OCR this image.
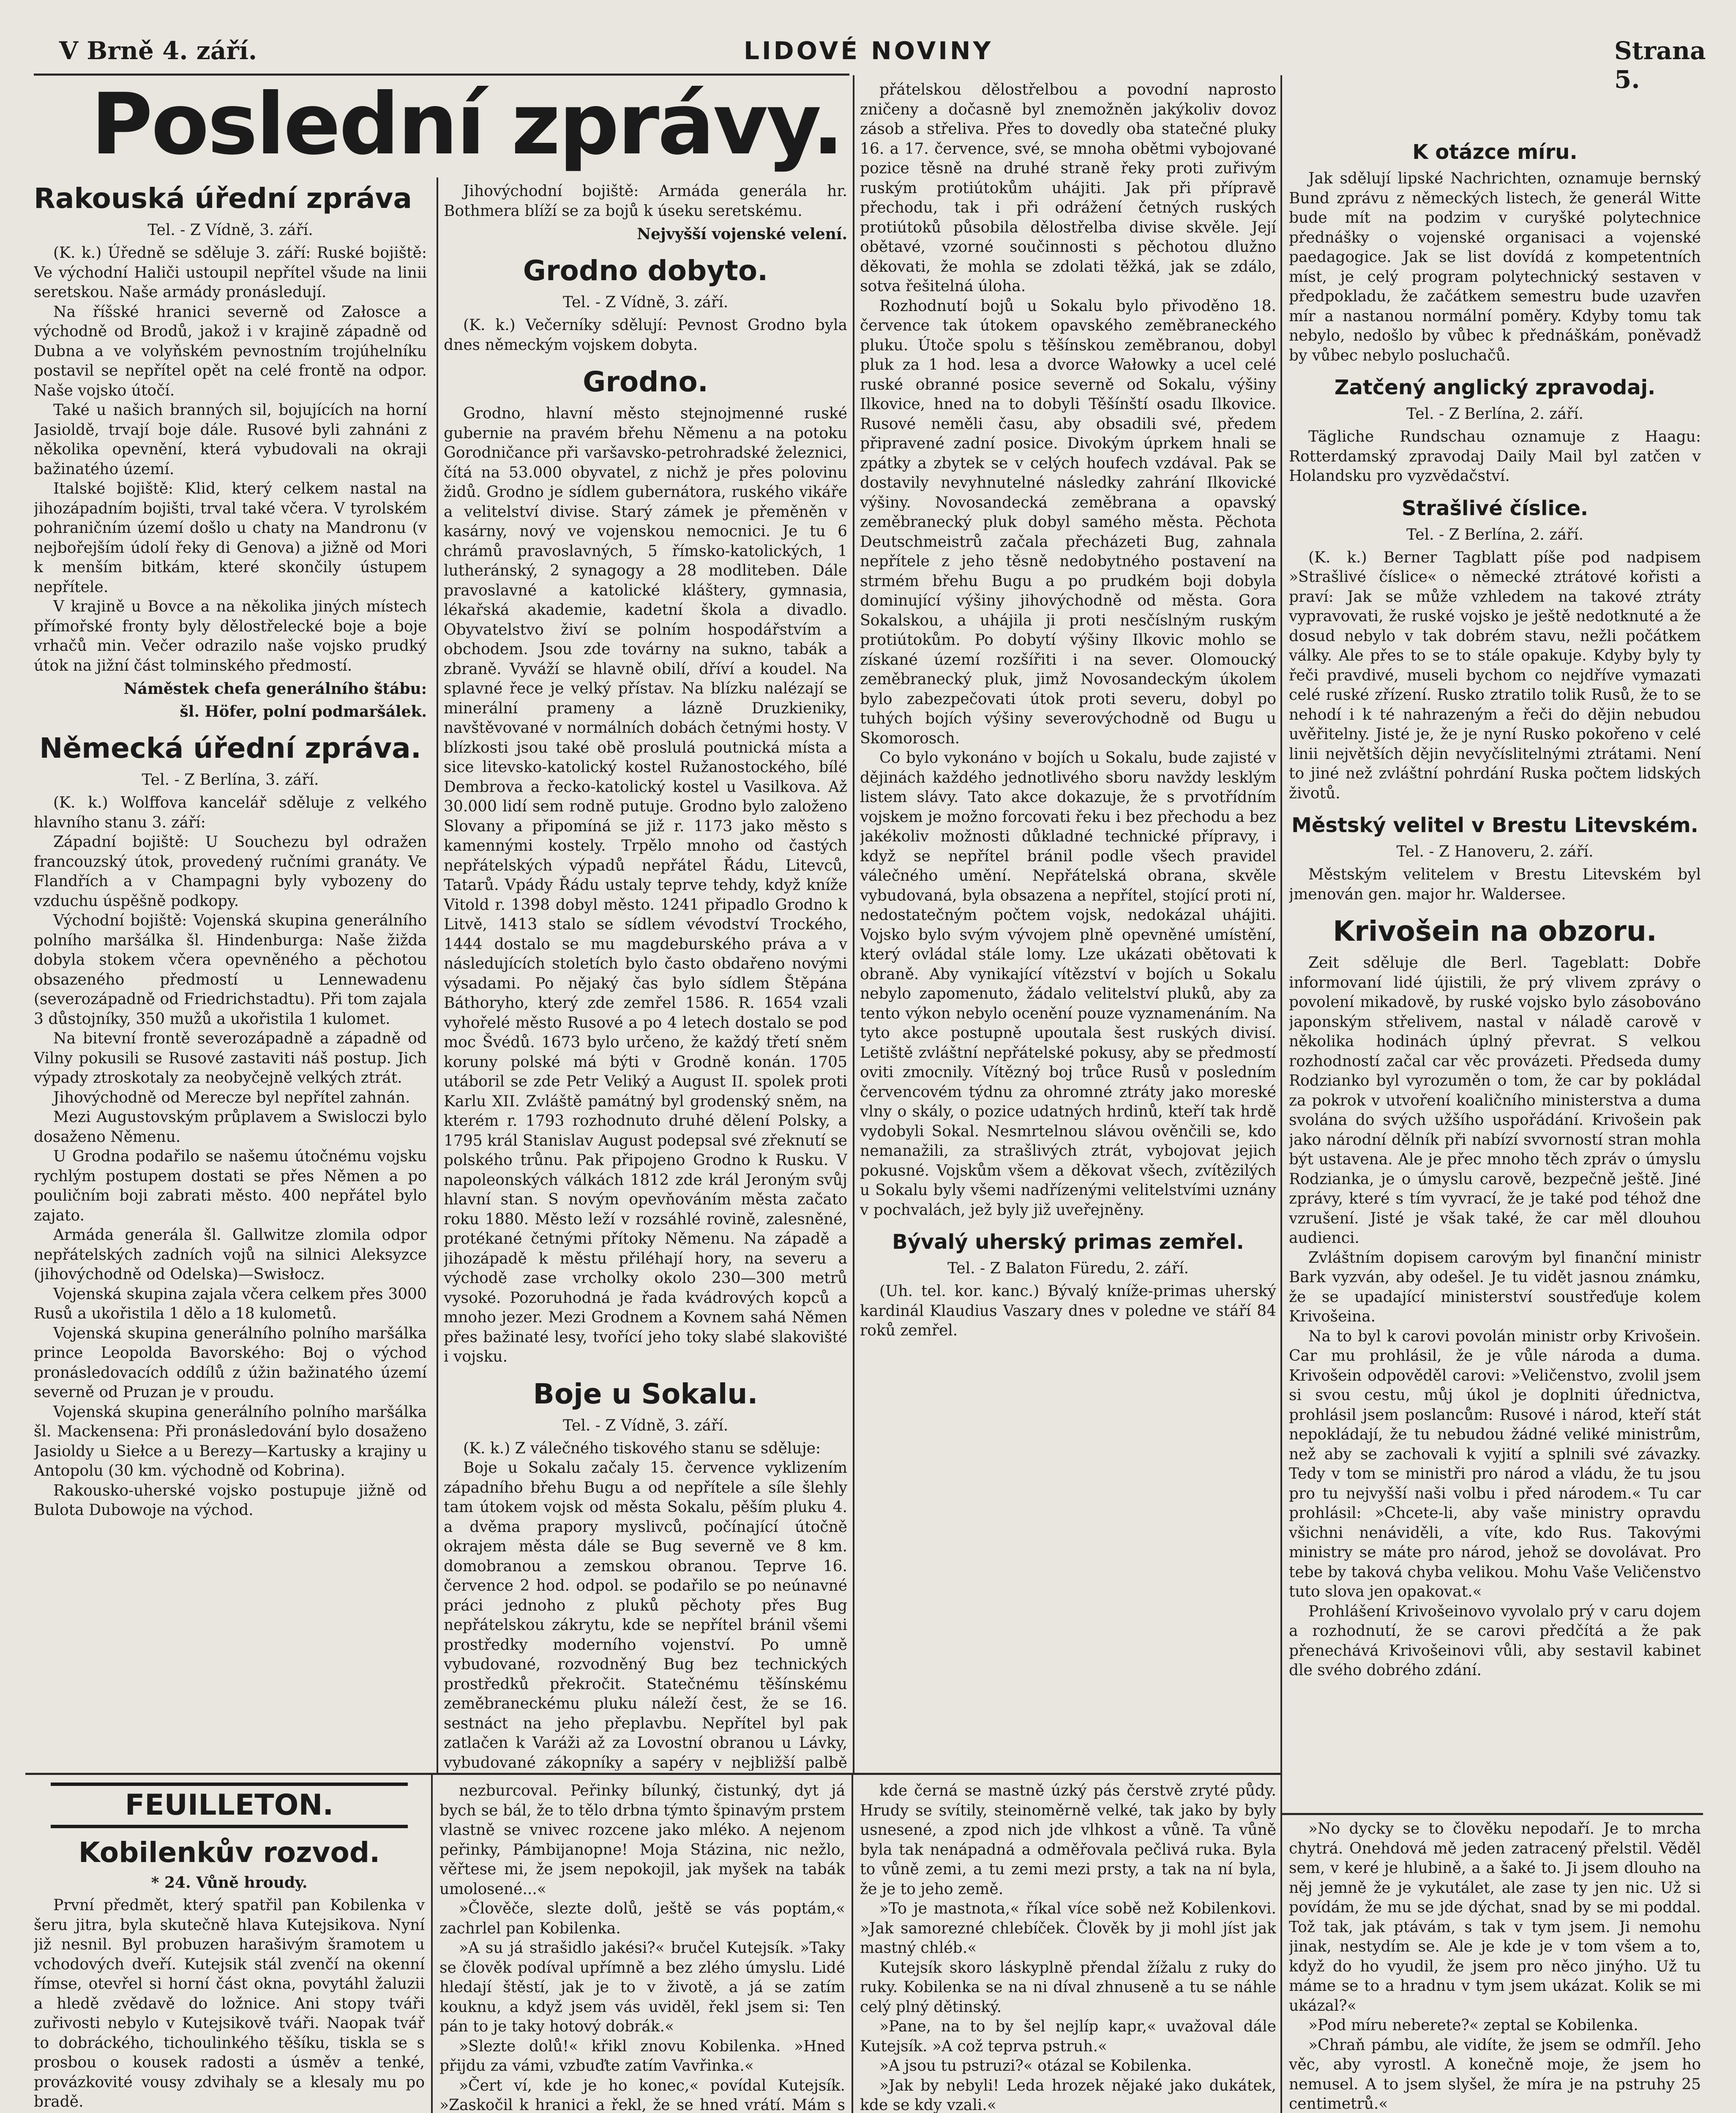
V Brně 4. září.	LIDOVÉ NOVINY	Strana 5.
Poslední zprávy.
Rakouská úřední zpráva
Tel. - Z Vídně, 3. září.

(K. k.) Úředně se sděluje 3. září: Ruské bojiště: Ve východní Haliči ustoupil nepřítel všude na linii seretskou. Naše armády pronásledují.

Na říšské hranici severně od Załosce a východně od Brodů, jakož i v krajině západně od Dubna a ve volyňském pevnostním trojúhelníku postavil se nepřítel opět na celé frontě na odpor. Naše vojsko útočí.

Také u našich branných sil, bojujících na horní Jasioldě, trvají boje dále. Rusové byli zahnáni z několika opevnění, která vybudovali na okraji bažinatého území.

Italské bojiště: Klid, který celkem nastal na jihozápadním bojišti, trval také včera. V tyrolském pohraničním území došlo u chaty na Mandronu (v nejbořejším údolí řeky di Genova) a jižně od Mori k menším bitkám, které skončily ústupem nepřítele.

V krajině u Bovce a na několika jiných místech přímořské fronty byly dělostřelecké boje a boje vrhačů min. Večer odrazilo naše vojsko prudký útok na jižní část tolminského předmostí.

Náměstek chefa generálního štábu:
šl. Höfer, polní podmaršálek.
Německá úřední zpráva.
Tel. - Z Berlína, 3. září.

(K. k.) Wolffova kancelář sděluje z velkého hlavního stanu 3. září:

Západní bojiště: U Souchezu byl odražen francouzský útok, provedený ručními granáty. Ve Flandřích a v Champagni byly vybozeny do vzduchu úspěšně podkopy.

Východní bojiště: Vojenská skupina generálního polního maršálka šl. Hindenburga: Naše žižda dobyla stokem včera opevněného a pěchotou obsazeného předmostí u Lennewadenu (severozápadně od Friedrichstadtu). Při tom zajala 3 důstojníky, 350 mužů a ukořistila 1 kulomet.

Na bitevní frontě severozápadně a západně od Vilny pokusili se Rusové zastaviti náš postup. Jich výpady ztroskotaly za neobyčejně velkých ztrát.

Jihovýchodně od Merecze byl nepřítel zahnán.

Mezi Augustovským průplavem a Swisloczi bylo dosaženo Němenu.

U Grodna podařilo se našemu útočnému vojsku rychlým postupem dostati se přes Němen a po pouličním boji zabrati město. 400 nepřátel bylo zajato.

Armáda generála šl. Gallwitze zlomila odpor nepřátelských zadních vojů na silnici Aleksyzce (jihovýchodně od Odelska)—Swisłocz.

Vojenská skupina zajala včera celkem přes 3000 Rusů a ukořistila 1 dělo a 18 kulometů.

Vojenská skupina generálního polního maršálka prince Leopolda Bavorského: Boj o východ pronásledovacích oddílů z úžin bažinatého území severně od Pruzan je v proudu.

Vojenská skupina generálního polního maršálka šl. Mackensena: Při pronásledování bylo dosaženo Jasioldy u Siełce a u Berezy—Kartusky a krajiny u Antopolu (30 km. východně od Kobrina).

Rakousko-uherské vojsko postupuje jižně od Bulota Dubowoje na východ.

Jihovýchodní bojiště: Armáda generála hr. Bothmera blíží se za bojů k úseku seretskému.

Nejvyšší vojenské velení.
Grodno dobyto.
Tel. - Z Vídně, 3. září.

(K. k.) Večerníky sdělují: Pevnost Grodno byla dnes německým vojskem dobyta.

Grodno.

Grodno, hlavní město stejnojmenné ruské gubernie na pravém břehu Němenu a na potoku Gorodničance při varšavsko-petrohradské železnici, čítá na 53.000 obyvatel, z nichž je přes polovinu židů. Grodno je sídlem gubernátora, ruského vikáře a velitelství divise. Starý zámek je přeměněn v kasárny, nový ve vojenskou nemocnici. Je tu 6 chrámů pravoslavných, 5 římsko-katolických, 1 lutheránský, 2 synagogy a 28 modliteben. Dále pravoslavné a katolické kláštery, gymnasia, lékařská akademie, kadetní škola a divadlo. Obyvatelstvo živí se polním hospodářstvím a obchodem. Jsou zde továrny na sukno, tabák a zbraně. Vyváží se hlavně obilí, dříví a koudel. Na splavné řece je velký přístav. Na blízku nalézají se minerální prameny a lázně Druzkieniky, navštěvované v normálních dobách četnými hosty. V blízkosti jsou také obě proslulá poutnická místa a sice litevsko-katolický kostel Ružanostockého, bílé Dembrova a řecko-katolický kostel u Vasilkova. Až 30.000 lidí sem rodně putuje. Grodno bylo založeno Slovany a připomíná se již r. 1173 jako město s kamennými kostely. Trpělo mnoho od častých nepřátelských výpadů nepřátel Řádu, Litevců, Tatarů. Vpády Řádu ustaly teprve tehdy, když kníže Vitold r. 1398 dobyl město. 1241 připadlo Grodno k Litvě, 1413 stalo se sídlem vévodství Trockého, 1444 dostalo se mu magdeburského práva a v následujících stoletích bylo často obdařeno novými výsadami. Po nějaký čas bylo sídlem Štěpána Báthoryho, který zde zemřel 1586. R. 1654 vzali vyhořelé město Rusové a po 4 letech dostalo se pod moc Švédů. 1673 bylo určeno, že každý třetí sněm koruny polské má býti v Grodně konán. 1705 utáboril se zde Petr Veliký a August II. spolek proti Karlu XII. Zvláště památný byl grodenský sněm, na kterém r. 1793 rozhodnuto druhé dělení Polsky, a 1795 král Stanislav August podepsal své zřeknutí se polského trůnu. Pak připojeno Grodno k Rusku. V napoleonských válkách 1812 zde král Jeroným svůj hlavní stan. S novým opevňováním města začato roku 1880. Město leží v rozsáhlé rovině, zalesněné, protékané četnými přítoky Němenu. Na západě a jihozápadě k městu přiléhají hory, na severu a východě zase vrcholky okolo 230—300 metrů vysoké. Pozoruhodná je řada kvádrových kopců a mnoho jezer. Mezi Grodnem a Kovnem sahá Němen přes bažinaté lesy, tvořící jeho toky slabé slakovišté i vojsku.

Boje u Sokalu.
Tel. - Z Vídně, 3. září.

(K. k.) Z válečného tiskového stanu se sděluje:

Boje u Sokalu začaly 15. července vyklizením západního břehu Bugu a od nepřítele a síle šlehly tam útokem vojsk od města Sokalu, pěším pluku 4. a dvěma prapory myslivců, počínající útočně okrajem města dále se Bug severně ve 8 km. domobranou a zemskou obranou. Teprve 16. července 2 hod. odpol. se podařilo se po neúnavné práci jednoho z pluků pěchoty přes Bug nepřátelskou zákrytu, kde se nepřítel bránil všemi prostředky moderního vojenství. Po umně vybudované, rozvodněný Bug bez technických prostředků překročit. Statečnému těšínskému zeměbraneckému pluku náleží čest, že se 16. sestnáct na jeho přeplavbu. Nepřítel byl pak zatlačen k Varáži až za Lovostní obranou u Lávky, vybudované zákopníky a sapéry v nejbližší palbě

přátelskou dělostřelbou a povodní naprosto zničeny a dočasně byl znemožněn jakýkoliv dovoz zásob a střeliva. Přes to dovedly oba statečné pluky 16. a 17. července, své, se mnoha obětmi vybojované pozice těsně na druhé straně řeky proti zuřivým ruským protiútokům uhájiti. Jak při přípravě přechodu, tak i při odrážení četných ruských protiútoků působila dělostřelba divise skvěle. Její obětavé, vzorné součinnosti s pěchotou dlužno děkovati, že mohla se zdolati těžká, jak se zdálo, sotva řešitelná úloha.

Rozhodnutí bojů u Sokalu bylo přivoděno 18. července tak útokem opavského zeměbraneckého pluku. Útoče spolu s těšínskou zeměbranou, dobyl pluk za 1 hod. lesa a dvorce Wałowky a ucel celé ruské obranné posice severně od Sokalu, výšiny Ilkovice, hned na to dobyli Těšínští osadu Ilkovice. Rusové neměli času, aby obsadili své, předem připravené zadní posice. Divokým úprkem hnali se zpátky a zbytek se v celých houfech vzdával. Pak se dostavily nevyhnutelné následky zahrání Ilkovické výšiny. Novosandecká zeměbrana a opavský zeměbranecký pluk dobyl samého města. Pěchota Deutschmeistrů začala přecházeti Bug, zahnala nepřítele z jeho těsně nedobytného postavení na strmém břehu Bugu a po prudkém boji dobyla dominující výšiny jihovýchodně od města. Gora Sokalskou, a uhájila ji proti nesčíslným ruským protiútokům. Po dobytí výšiny Ilkovic mohlo se získané území rozšířiti i na sever. Olomoucký zeměbranecký pluk, jimž Novosandeckým úkolem bylo zabezpečovati útok proti severu, dobyl po tuhých bojích výšiny severovýchodně od Bugu u Skomorosch.

Co bylo vykonáno v bojích u Sokalu, bude zajisté v dějinách každého jednotlivého sboru navždy lesklým listem slávy. Tato akce dokazuje, že s prvotřídním vojskem je možno forcovati řeku i bez přechodu a bez jakékoliv možnosti důkladné technické přípravy, i když se nepřítel bránil podle všech pravidel válečného umění. Nepřátelská obrana, skvěle vybudovaná, byla obsazena a nepřítel, stojící proti ní, nedostatečným počtem vojsk, nedokázal uhájiti. Vojsko bylo svým vývojem plně opevněné umístění, který ovládal stále lomy. Lze ukázati obětovati k obraně. Aby vynikající vítězství v bojích u Sokalu nebylo zapomenuto, žádalo velitelství pluků, aby za tento výkon nebylo ocenění pouze vyznamenáním. Na tyto akce postupně upoutala šest ruských divisí. Letiště zvláštní nepřátelské pokusy, aby se předmostí oviti zmocnily. Vítězný boj trůce Rusů v posledním červencovém týdnu za ohromné ztráty jako moreské vlny o skály, o pozice udatných hrdinů, kteří tak hrdě vydobyli Sokal. Nesmrtelnou slávou ověnčili se, kdo nemanažili, za strašlivých ztrát, vybojovat jejich pokusné. Vojskům všem a děkovat všech, zvítězilých u Sokalu byly všemi nadřízenými velitelstvími uznány v pochvalách, jež byly již uveřejněny.

Bývalý uherský primas zemřel.
Tel. - Z Balaton Füredu, 2. září.

(Uh. tel. kor. kanc.) Bývalý kníže-primas uherský kardinál Klaudius Vaszary dnes v poledne ve stáří 84 roků zemřel.

K otázce míru.

Jak sdělují lipské Nachrichten, oznamuje bernský Bund zprávu z německých listech, že generál Witte bude mít na podzim v curyšké polytechnice přednášky o vojenské organisaci a vojenské paedagogice. Jak se list dovídá z kompetentních míst, je celý program polytechnický sestaven v předpokladu, že začátkem semestru bude uzavřen mír a nastanou normální poměry. Kdyby tomu tak nebylo, nedošlo by vůbec k přednáškám, poněvadž by vůbec nebylo posluchačů.

Zatčený anglický zpravodaj.
Tel. - Z Berlína, 2. září.

Tägliche Rundschau oznamuje z Haagu: Rotterdamský zpravodaj Daily Mail byl zatčen v Holandsku pro vyzvědačství.

Strašlivé číslice.
Tel. - Z Berlína, 2. září.

(K. k.) Berner Tagblatt píše pod nadpisem »Strašlivé číslice« o německé ztrátové kořisti a praví: Jak se může vzhledem na takové ztráty vypravovati, že ruské vojsko je ještě nedotknuté a že dosud nebylo v tak dobrém stavu, nežli počátkem války. Ale přes to se to stále opakuje. Kdyby byly ty řeči pravdivé, museli bychom co nejdříve vymazati celé ruské zřízení. Rusko ztratilo tolik Rusů, že to se nehodí i k té nahrazeným a řeči do dějin nebudou uvěřitelny. Jisté je, že je nyní Rusko pokořeno v celé linii největších dějin nevyčíslitelnými ztrátami. Není to jiné než zvláštní pohrdání Ruska počtem lidských životů.

Městský velitel v Brestu Litevském.
Tel. - Z Hanoveru, 2. září.

Městským velitelem v Brestu Litevském byl jmenován gen. major hr. Waldersee.

Krivošein na obzoru.

Zeit sděluje dle Berl. Tageblatt: Dobře informovaní lidé újistili, že prý vlivem zprávy o povolení mikadově, by ruské vojsko bylo zásobováno japonským střelivem, nastal v náladě carově v několika hodinách úplný převrat. S velkou rozhodností začal car věc provázeti. Předseda dumy Rodzianko byl vyrozuměn o tom, že car by pokládal za pokrok v utvoření koaličního ministerstva a duma svolána do svých užšího uspořádání. Krivošein pak jako národní dělník při nabízí svvorností stran mohla být ustavena. Ale je přec mnoho těch zpráv o úmyslu Rodzianka, je o úmyslu carově, bezpečně ještě. Jiné zprávy, které s tím vyvrací, že je také pod téhož dne vzrušení. Jisté je však také, že car měl dlouhou audienci.

Zvláštním dopisem carovým byl finanční ministr Bark vyzván, aby odešel. Je tu vidět jasnou známku, že se upadající ministerství soustřeďuje kolem Krivošeina.

Na to byl k carovi povolán ministr orby Krivošein. Car mu prohlásil, že je vůle národa a duma. Krivošein odpověděl carovi: »Veličenstvo, zvolil jsem si svou cestu, můj úkol je doplniti úřednictva, prohlásil jsem poslancům: Rusové i národ, kteří stát nepokládají, že tu nebudou žádné veliké ministrům, než aby se zachovali k vyjití a splnili své závazky. Tedy v tom se ministři pro národ a vládu, že tu jsou pro tu nejvyšší naši volbu i před národem.« Tu car prohlásil: »Chcete-li, aby vaše ministry opravdu všichni nenáviděli, a víte, kdo Rus. Takovými ministry se máte pro národ, jehož se dovolávat. Pro tebe by taková chyba velikou. Mohu Vaše Veličenstvo tuto slova jen opakovat.«

Prohlášení Krivošeinovo vyvolalo prý v caru dojem a rozhodnutí, že se carovi předčítá a že pak přenechává Krivošeinovi vůli, aby sestavil kabinet dle svého dobrého zdání.

FEUILLETON.
Kobilenkův rozvod.
* 24. Vůně hroudy.

První předmět, který spatřil pan Kobilenka v šeru jitra, byla skutečně hlava Kutejsikova. Nyní již nesnil. Byl probuzen harašivým šramotem u vchodových dveří. Kutejsik stál zvenčí na okenní římse, otevřel si horní část okna, povytáhl žaluzii a hledě zvědavě do ložnice. Ani stopy tváři zuřivosti nebylo v Kutejsikově tváři. Naopak tvář to dobráckého, tichoulinkého těšíku, tiskla se s prosbou o kousek radosti a úsměv a tenké, provázkovité vousy zdvihaly se a klesaly mu po bradě.

nezburcoval. Peřinky bílunký, čistunký, dyt já bych se bál, že to tělo drbna týmto špinavým prstem vlastně se vnivec rozcene jako mléko. A nejenom peřinky, Pámbijanopne! Moja Stázina, nic nežlo, věřtese mi, že jsem nepokojil, jak myšek na tabák umolosené...«

»Člověče, slezte dolů, ještě se vás poptám,« zachrlel pan Kobilenka.

»A su já strašidlo jakési?« bručel Kutejsík. »Taky se člověk podíval upřímně a bez zlého úmyslu. Lidé hledají štěstí, jak je to v životě, a já se zatím kouknu, a když jsem vás uviděl, řekl jsem si: Ten pán to je taky hotový dobrák.«

»Slezte dolů!« křikl znovu Kobilenka. »Hned přijdu za vámi, vzbuďte zatím Vavřinka.«

»Čert ví, kde je ho konec,« povídal Kutejsík. »Zaskočil k hranici a řekl, že se hned vrátí. Mám s

kde černá se mastně úzký pás čerstvě zryté půdy. Hrudy se svítily, steinoměrně velké, tak jako by byly usnesené, a zpod nich jde vlhkost a vůně. Ta vůně byla tak nenápadná a odměřovala pečlivá ruka. Byla to vůně zemi, a tu zemi mezi prsty, a tak na ní byla, že je to jeho země.

»To je mastnota,« říkal více sobě než Kobilenkovi. »Jak samorezné chlebíček. Člověk by ji mohl jíst jak mastný chléb.«

Kutejsík skoro láskyplně přendal žížalu z ruky do ruky. Kobilenka se na ni díval zhnuseně a tu se náhle celý plný dětinský.

»Pane, na to by šel nejlíp kapr,« uvažoval dále Kutejsík. »A což teprva pstruh.«

»A jsou tu pstruzi?« otázal se Kobilenka.

»Jak by nebyli! Leda hrozek nějaké jako dukátek, kde se kdy vzali.«

»No dycky se to člověku nepodaří. Je to mrcha chytrá. Onehdová mě jeden zatracený přelstil. Věděl sem, v keré je hlubině, a a šaké to. Ji jsem dlouho na něj jemně že je vykutálet, ale zase ty jen nic. Už si povídám, že mu se jde dýchat, snad by se mi poddal. Tož tak, jak ptávám, s tak v tym jsem. Ji nemohu jinak, nestydím se. Ale je kde je v tom všem a to, když do ho vyudil, že jsem pro něco jinýho. Už tu máme se to a hradnu v tym jsem ukázat. Kolik se mi ukázal?«

»Pod míru neberete?« zeptal se Kobilenka.

»Chraň pámbu, ale vidíte, že jsem se odmříl. Jeho věc, aby vyrostl. A konečně moje, že jsem ho nemusel. A to jsem slyšel, že míra je na pstruhy 25 centimetrů.«
